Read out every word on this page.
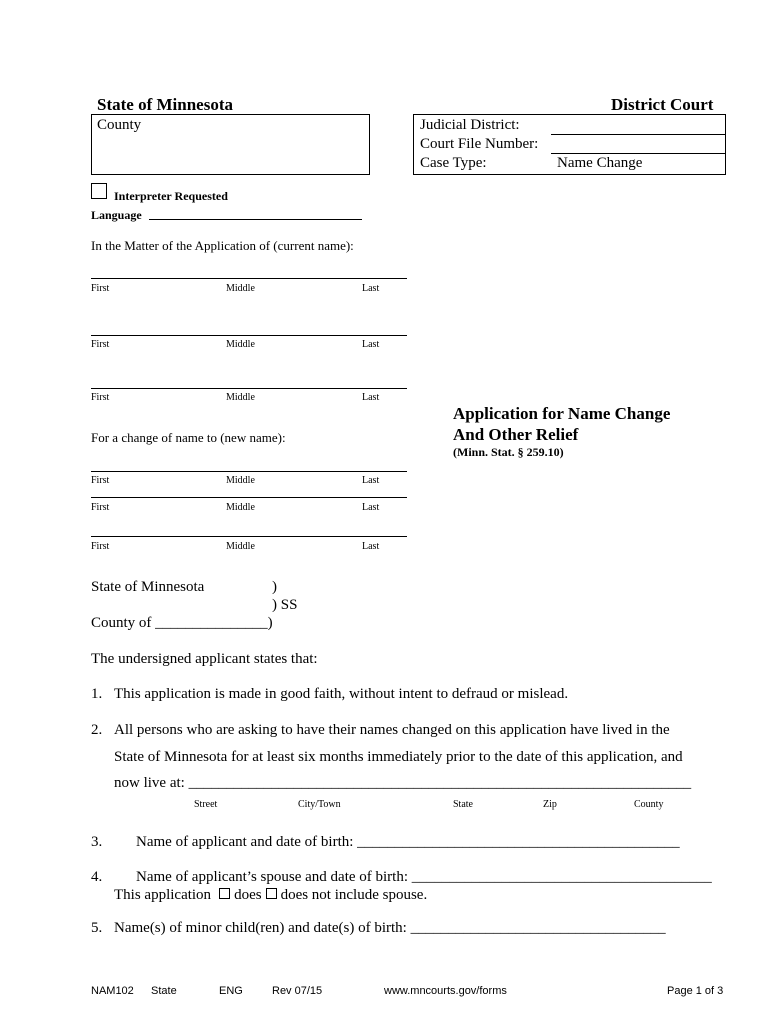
State of Minnesota	District Court
County	Judicial District:
Court File Number:
Case Type:	Name Change
Interpreter Requested
Language
In the Matter of the Application of (current name):
First	Middle	Last
First	Middle	Last
First	Middle	Last
Application for Name Change
And Other Relief
(Minn. Stat. § 259.10)
For a change of name to (new name):
First	Middle	Last
First	Middle	Last
First	Middle	Last
State of Minnesota	)
) SS
County of _______________)
The undersigned applicant states that:
1. This application is made in good faith, without intent to defraud or mislead.
2. All persons who are asking to have their names changed on this application have lived in the
State of Minnesota for at least six months immediately prior to the date of this application, and
now live at: ___________________________________________________________________
Street	City/Town	State	Zip	County
3. Name of applicant and date of birth: ___________________________________________
4. Name of applicant’s spouse and date of birth: ________________________________________
This application does does not include spouse.
5. Name(s) of minor child(ren) and date(s) of birth: __________________________________
NAM102 State	ENG	Rev 07/15	www.mncourts.gov/forms	Page 1 of 3
